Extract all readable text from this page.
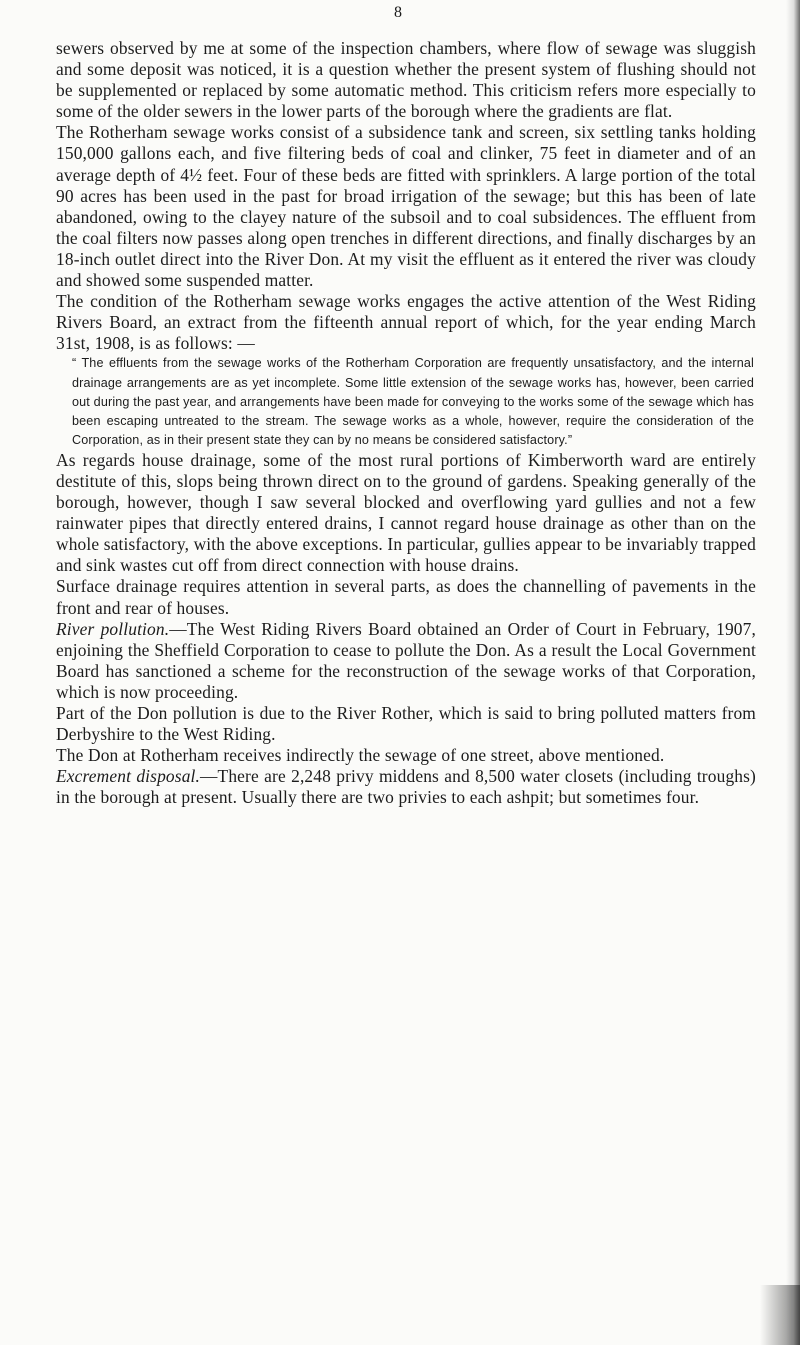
8

sewers observed by me at some of the inspection chambers, where flow of sewage was sluggish and some deposit was noticed, it is a question whether the present system of flushing should not be supplemented or replaced by some automatic method. This criticism refers more especially to some of the older sewers in the lower parts of the borough where the gradients are flat.

The Rotherham sewage works consist of a subsidence tank and screen, six settling tanks holding 150,000 gallons each, and five filtering beds of coal and clinker, 75 feet in diameter and of an average depth of 4½ feet. Four of these beds are fitted with sprinklers. A large portion of the total 90 acres has been used in the past for broad irrigation of the sewage; but this has been of late abandoned, owing to the clayey nature of the subsoil and to coal subsidences. The effluent from the coal filters now passes along open trenches in different directions, and finally discharges by an 18-inch outlet direct into the River Don. At my visit the effluent as it entered the river was cloudy and showed some suspended matter.

The condition of the Rotherham sewage works engages the active attention of the West Riding Rivers Board, an extract from the fifteenth annual report of which, for the year ending March 31st, 1908, is as follows: —

“ The effluents from the sewage works of the Rotherham Corporation are frequently unsatisfactory, and the internal drainage arrangements are as yet incomplete. Some little extension of the sewage works has, however, been carried out during the past year, and arrangements have been made for conveying to the works some of the sewage which has been escaping untreated to the stream. The sewage works as a whole, however, require the consideration of the Corporation, as in their present state they can by no means be considered satisfactory.”

As regards house drainage, some of the most rural portions of Kimberworth ward are entirely destitute of this, slops being thrown direct on to the ground of gardens. Speaking generally of the borough, however, though I saw several blocked and overflowing yard gullies and not a few rainwater pipes that directly entered drains, I cannot regard house drainage as other than on the whole satisfactory, with the above exceptions. In particular, gullies appear to be invariably trapped and sink wastes cut off from direct connection with house drains.

Surface drainage requires attention in several parts, as does the channelling of pavements in the front and rear of houses.

River pollution.—The West Riding Rivers Board obtained an Order of Court in February, 1907, enjoining the Sheffield Corporation to cease to pollute the Don. As a result the Local Government Board has sanctioned a scheme for the reconstruction of the sewage works of that Corporation, which is now proceeding.

Part of the Don pollution is due to the River Rother, which is said to bring polluted matters from Derbyshire to the West Riding.

The Don at Rotherham receives indirectly the sewage of one street, above mentioned.

Excrement disposal.—There are 2,248 privy middens and 8,500 water closets (including troughs) in the borough at present. Usually there are two privies to each ashpit; but sometimes four.
